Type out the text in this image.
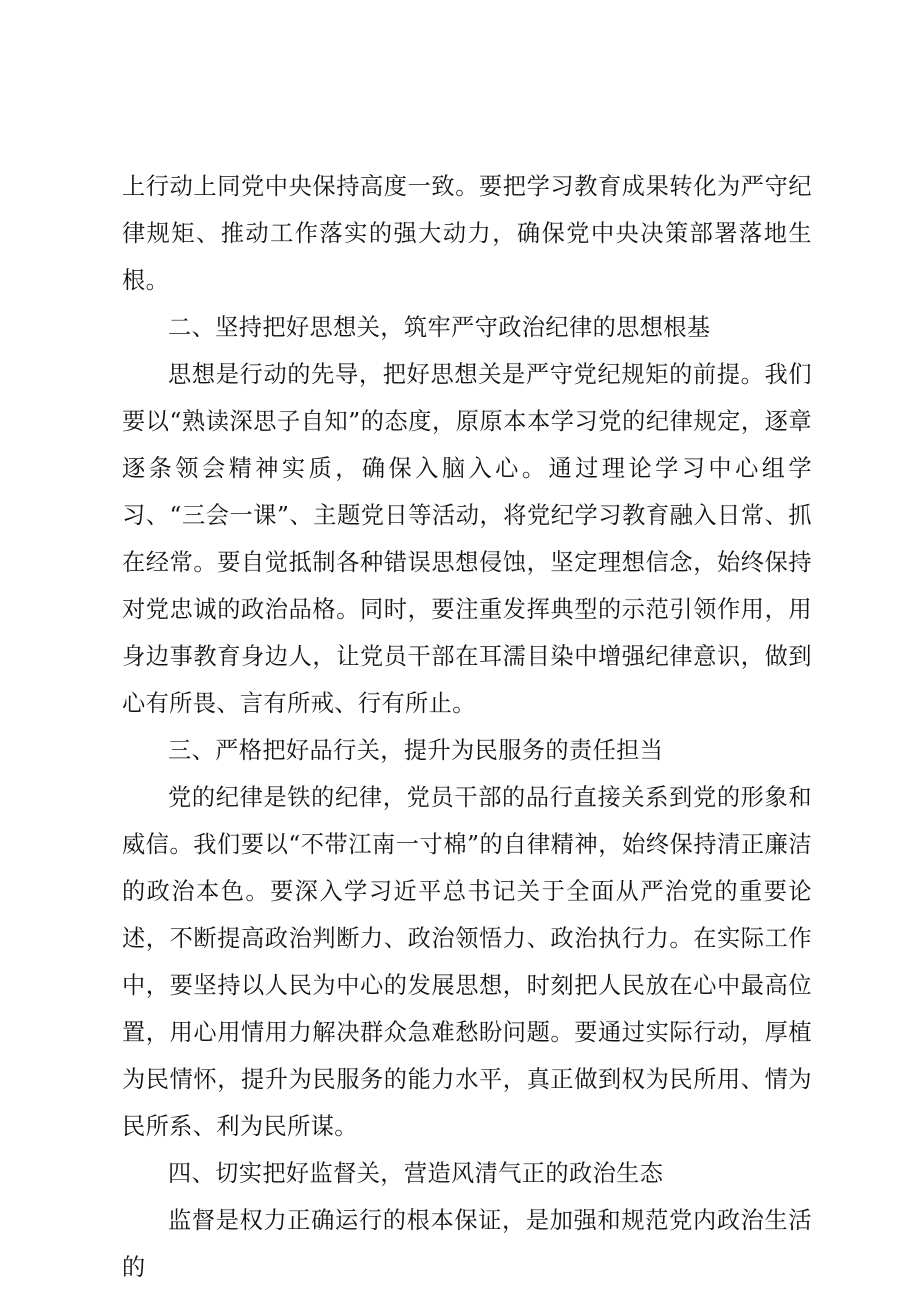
上行动上同党中央保持高度一致。要把学习教育成果转化为严守纪律规矩、推动工作落实的强大动力，确保党中央决策部署落地生根。

二、坚持把好思想关，筑牢严守政治纪律的思想根基

思想是行动的先导，把好思想关是严守党纪规矩的前提。我们要以“熟读深思子自知”的态度，原原本本学习党的纪律规定，逐章逐条领会精神实质，确保入脑入心。通过理论学习中心组学习、“三会一课”、主题党日等活动，将党纪学习教育融入日常、抓在经常。要自觉抵制各种错误思想侵蚀，坚定理想信念，始终保持对党忠诚的政治品格。同时，要注重发挥典型的示范引领作用，用身边事教育身边人，让党员干部在耳濡目染中增强纪律意识，做到心有所畏、言有所戒、行有所止。

三、严格把好品行关，提升为民服务的责任担当

党的纪律是铁的纪律，党员干部的品行直接关系到党的形象和威信。我们要以“不带江南一寸棉”的自律精神，始终保持清正廉洁的政治本色。要深入学习近平总书记关于全面从严治党的重要论述，不断提高政治判断力、政治领悟力、政治执行力。在实际工作中，要坚持以人民为中心的发展思想，时刻把人民放在心中最高位置，用心用情用力解决群众急难愁盼问题。要通过实际行动，厚植为民情怀，提升为民服务的能力水平，真正做到权为民所用、情为民所系、利为民所谋。

四、切实把好监督关，营造风清气正的政治生态

监督是权力正确运行的根本保证，是加强和规范党内政治生活的
